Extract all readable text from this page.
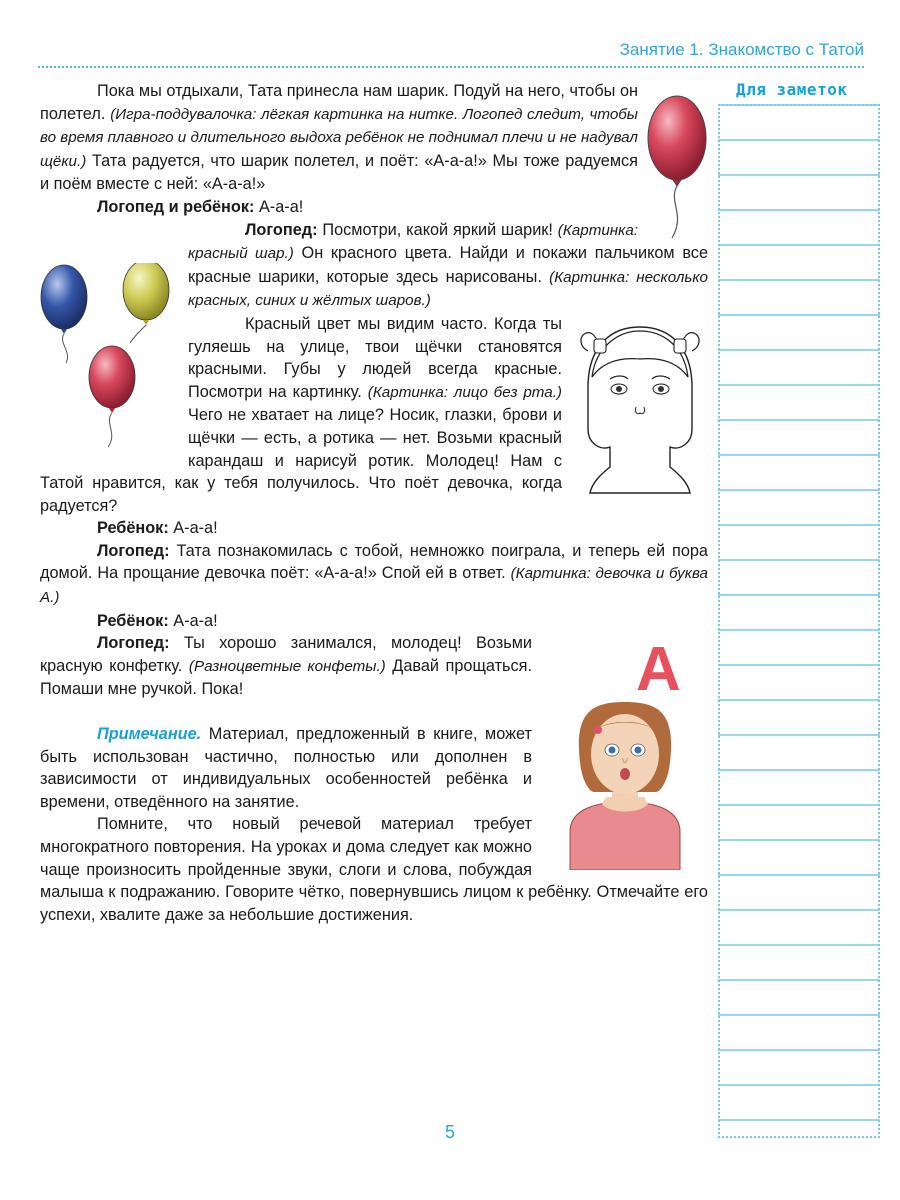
Занятие 1. Знакомство с Татой
Для заметок

Пока мы отдыхали, Тата принесла нам шарик. Подуй на него, чтобы он полетел. (Игра-поддувалочка: лёгкая картинка на нитке. Логопед следит, чтобы во время плавного и длительного выдоха ребёнок не поднимал плечи и не надувал щёки.) Тата радуется, что шарик полетел, и поёт: «А-а-а!» Мы тоже радуемся и поём вместе с ней: «А-а-а!»

Логопед и ребёнок: А-а-а!

Логопед: Посмотри, какой яркий шарик! (Картинка: красный шар.) Он красного цвета. Найди и покажи пальчиком все красные шарики, которые здесь нарисованы. (Картинка: несколько красных, синих и жёлтых шаров.)

Красный цвет мы видим часто. Когда ты гуляешь на улице, твои щёчки становятся красными. Губы у людей всегда красные. Посмотри на картинку. (Картинка: лицо без рта.) Чего не хватает на лице? Носик, глазки, брови и щёчки — есть, а ротика — нет. Возьми красный карандаш и нарисуй ротик. Молодец! Нам с Татой нравится, как у тебя получилось. Что поёт девочка, когда радуется?

Ребёнок: А-а-а!

Логопед: Тата познакомилась с тобой, немножко поиграла, и теперь ей пора домой. На прощание девочка поёт: «А-а-а!» Спой ей в ответ. (Картинка: девочка и буква А.)

Ребёнок: А-а-а!

А

Логопед: Ты хорошо занимался, молодец! Возьми красную конфетку. (Разноцветные конфеты.) Давай прощаться. Помаши мне ручкой. Пока!

Примечание. Материал, предложенный в книге, может быть использован частично, полностью или дополнен в зависимости от индивидуальных особенностей ребёнка и времени, отведённого на занятие.

Помните, что новый речевой материал требует многократного повторения. На уроках и дома следует как можно чаще произносить пройденные звуки, слоги и слова, побуждая малыша к подражанию. Говорите чётко, повернувшись лицом к ребёнку. Отмечайте его успехи, хвалите даже за небольшие достижения.

5
